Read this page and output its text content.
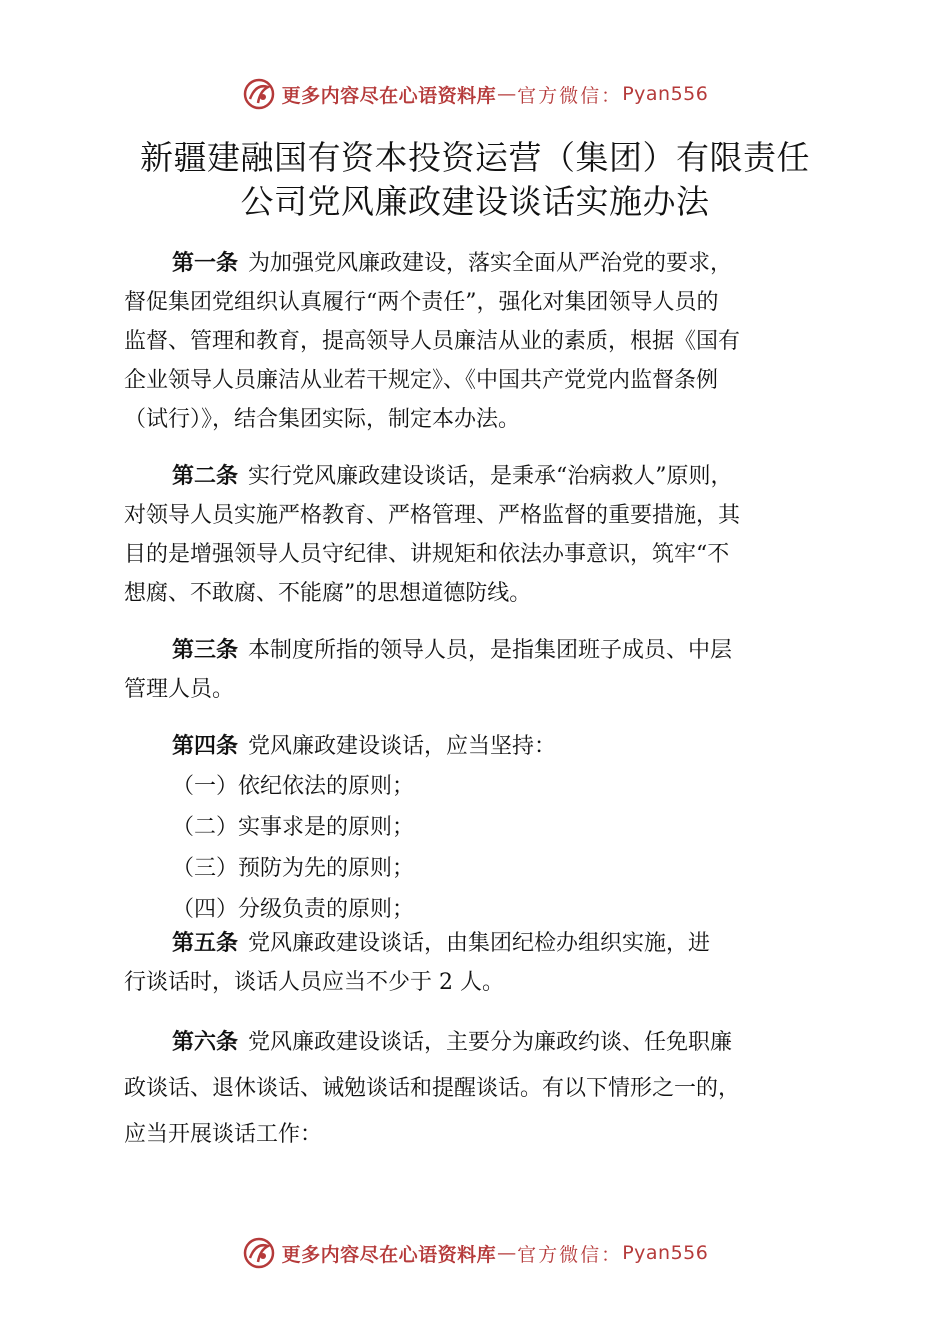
更多内容尽在心语资料库 — 官方微信： Pyan556
新疆建融国有资本投资运营（集团）有限责任
公司党风廉政建设谈话实施办法

第一条 为加强党风廉政建设，落实全面从严治党的要求，
督促集团党组织认真履行“两个责任”，强化对集团领导人员的
监督、管理和教育，提高领导人员廉洁从业的素质，根据《国有
企业领导人员廉洁从业若干规定》、《中国共产党党内监督条例
（试行）》，结合集团实际，制定本办法。

第二条 实行党风廉政建设谈话，是秉承“治病救人”原则，
对领导人员实施严格教育、严格管理、严格监督的重要措施，其
目的是增强领导人员守纪律、讲规矩和依法办事意识，筑牢“不
想腐、不敢腐、不能腐”的思想道德防线。

第三条 本制度所指的领导人员，是指集团班子成员、中层
管理人员。

第四条 党风廉政建设谈话，应当坚持：

（一）依纪依法的原则；
（二）实事求是的原则；
（三）预防为先的原则；
（四）分级负责的原则；

第五条 党风廉政建设谈话，由集团纪检办组织实施，进
行谈话时，谈话人员应当不少于 2 人。

第六条 党风廉政建设谈话，主要分为廉政约谈、任免职廉
政谈话、退休谈话、诫勉谈话和提醒谈话。有以下情形之一的，
应当开展谈话工作：

更多内容尽在心语资料库 — 官方微信： Pyan556
